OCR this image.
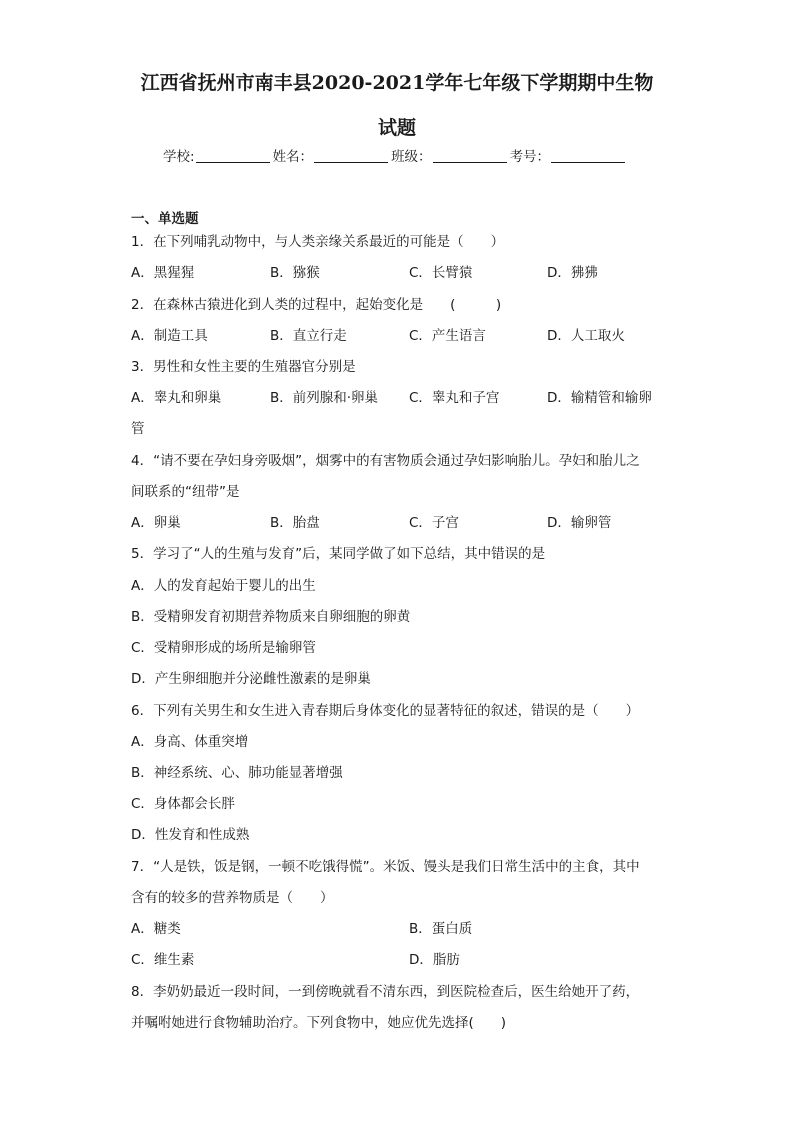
江西省抚州市南丰县2020-2021学年七年级下学期期中生物
试题
学校:	姓名：	班级：	考号：
一、单选题
1．在下列哺乳动物中，与人类亲缘关系最近的可能是（　　）
A．黑猩猩	B．猕猴	C．长臂猿	D．狒狒
2．在森林古猿进化到人类的过程中，起始变化是　　(　　　)
A．制造工具	B．直立行走	C．产生语言	D．人工取火
3．男性和女性主要的生殖器官分别是
A．睾丸和卵巢	B．前列腺和·卵巢 C．睾丸和子宫	D．输精管和输卵
管
4．“请不要在孕妇身旁吸烟”，烟雾中的有害物质会通过孕妇影响胎儿。孕妇和胎儿之
间联系的“纽带”是
A．卵巢	B．胎盘	C．子宫	D．输卵管
5．学习了“人的生殖与发育”后，某同学做了如下总结，其中错误的是
A．人的发育起始于婴儿的出生
B．受精卵发育初期营养物质来自卵细胞的卵黄
C．受精卵形成的场所是输卵管
D．产生卵细胞并分泌雌性激素的是卵巢
6．下列有关男生和女生进入青春期后身体变化的显著特征的叙述，错误的是（　　）
A．身高、体重突增
B．神经系统、心、肺功能显著增强
C．身体都会长胖
D．性发育和性成熟
7．“人是铁，饭是钢，一顿不吃饿得慌”。米饭、馒头是我们日常生活中的主食，其中
含有的较多的营养物质是（　　）
A．糖类	B．蛋白质
C．维生素	D．脂肪
8．李奶奶最近一段时间，一到傍晚就看不清东西，到医院检查后，医生给她开了药，
并嘱咐她进行食物辅助治疗。下列食物中，她应优先选择(　　)
